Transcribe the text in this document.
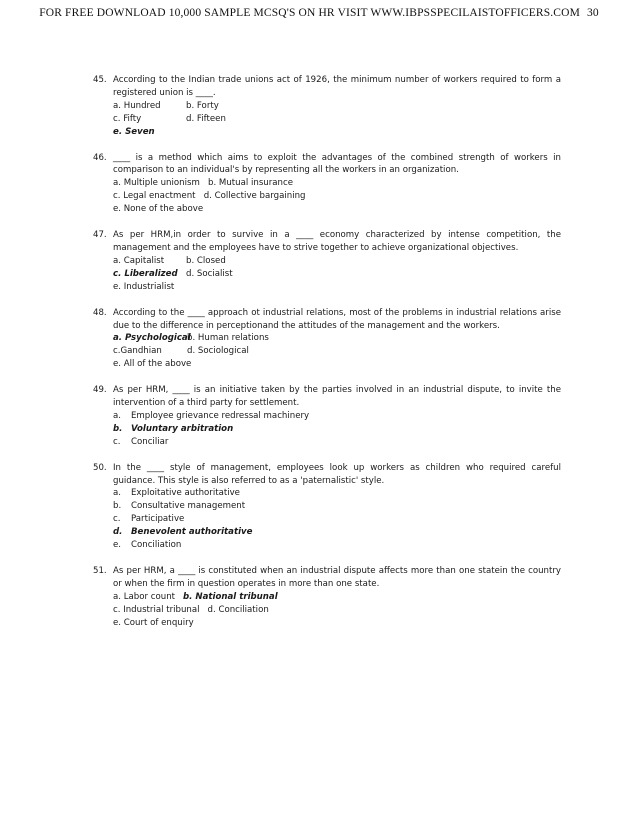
FOR FREE DOWNLOAD 10,000 SAMPLE MCSQ'S ON HR VISIT WWW.IBPSSPECILAISTOFFICERS.COM 30
45. According to the Indian trade unions act of 1926, the minimum number of workers required to form a registered union is ____.
a. Hundred	b. Forty
c. Fifty	d. Fifteen
e. Seven
46. ____ is a method which aims to exploit the advantages of the combined strength of workers in comparison to an individual's by representing all the workers in an organization.
a. Multiple unionism   b. Mutual insurance
c. Legal enactment   d. Collective bargaining
e. None of the above
47. As per HRM,in order to survive in a ____ economy characterized by intense competition, the management and the employees have to strive together to achieve organizational objectives.
a. Capitalist	b. Closed
c. Liberalized d. Socialist
e. Industrialist
48. According to the ____ approach ot industrial relations, most of the problems in industrial relations arise due to the difference in perceptionand the attitudes of the management and the workers.
a. Psychological
b. Human relations
c.Gandhian	d. Sociological
e. All of the above
49. As per HRM, ____ is an initiative taken by the parties involved in an industrial dispute, to invite the intervention of a third party for settlement.
a.	Employee grievance redressal machinery
b. Voluntary arbitration
c.	Conciliar
50. In the ____ style of management, employees look up workers as children who required careful guidance. This style is also referred to as a 'paternalistic' style.
a.	Exploitative authoritative
b.	Consultative management
c.	Participative
d. Benevolent authoritative
e.	Conciliation
51. As per HRM, a ____ is constituted when an industrial dispute affects more than one statein the country or when the firm in question operates in more than one state.
a. Labor count b. National tribunal
c. Industrial tribunal d. Conciliation
e. Court of enquiry
